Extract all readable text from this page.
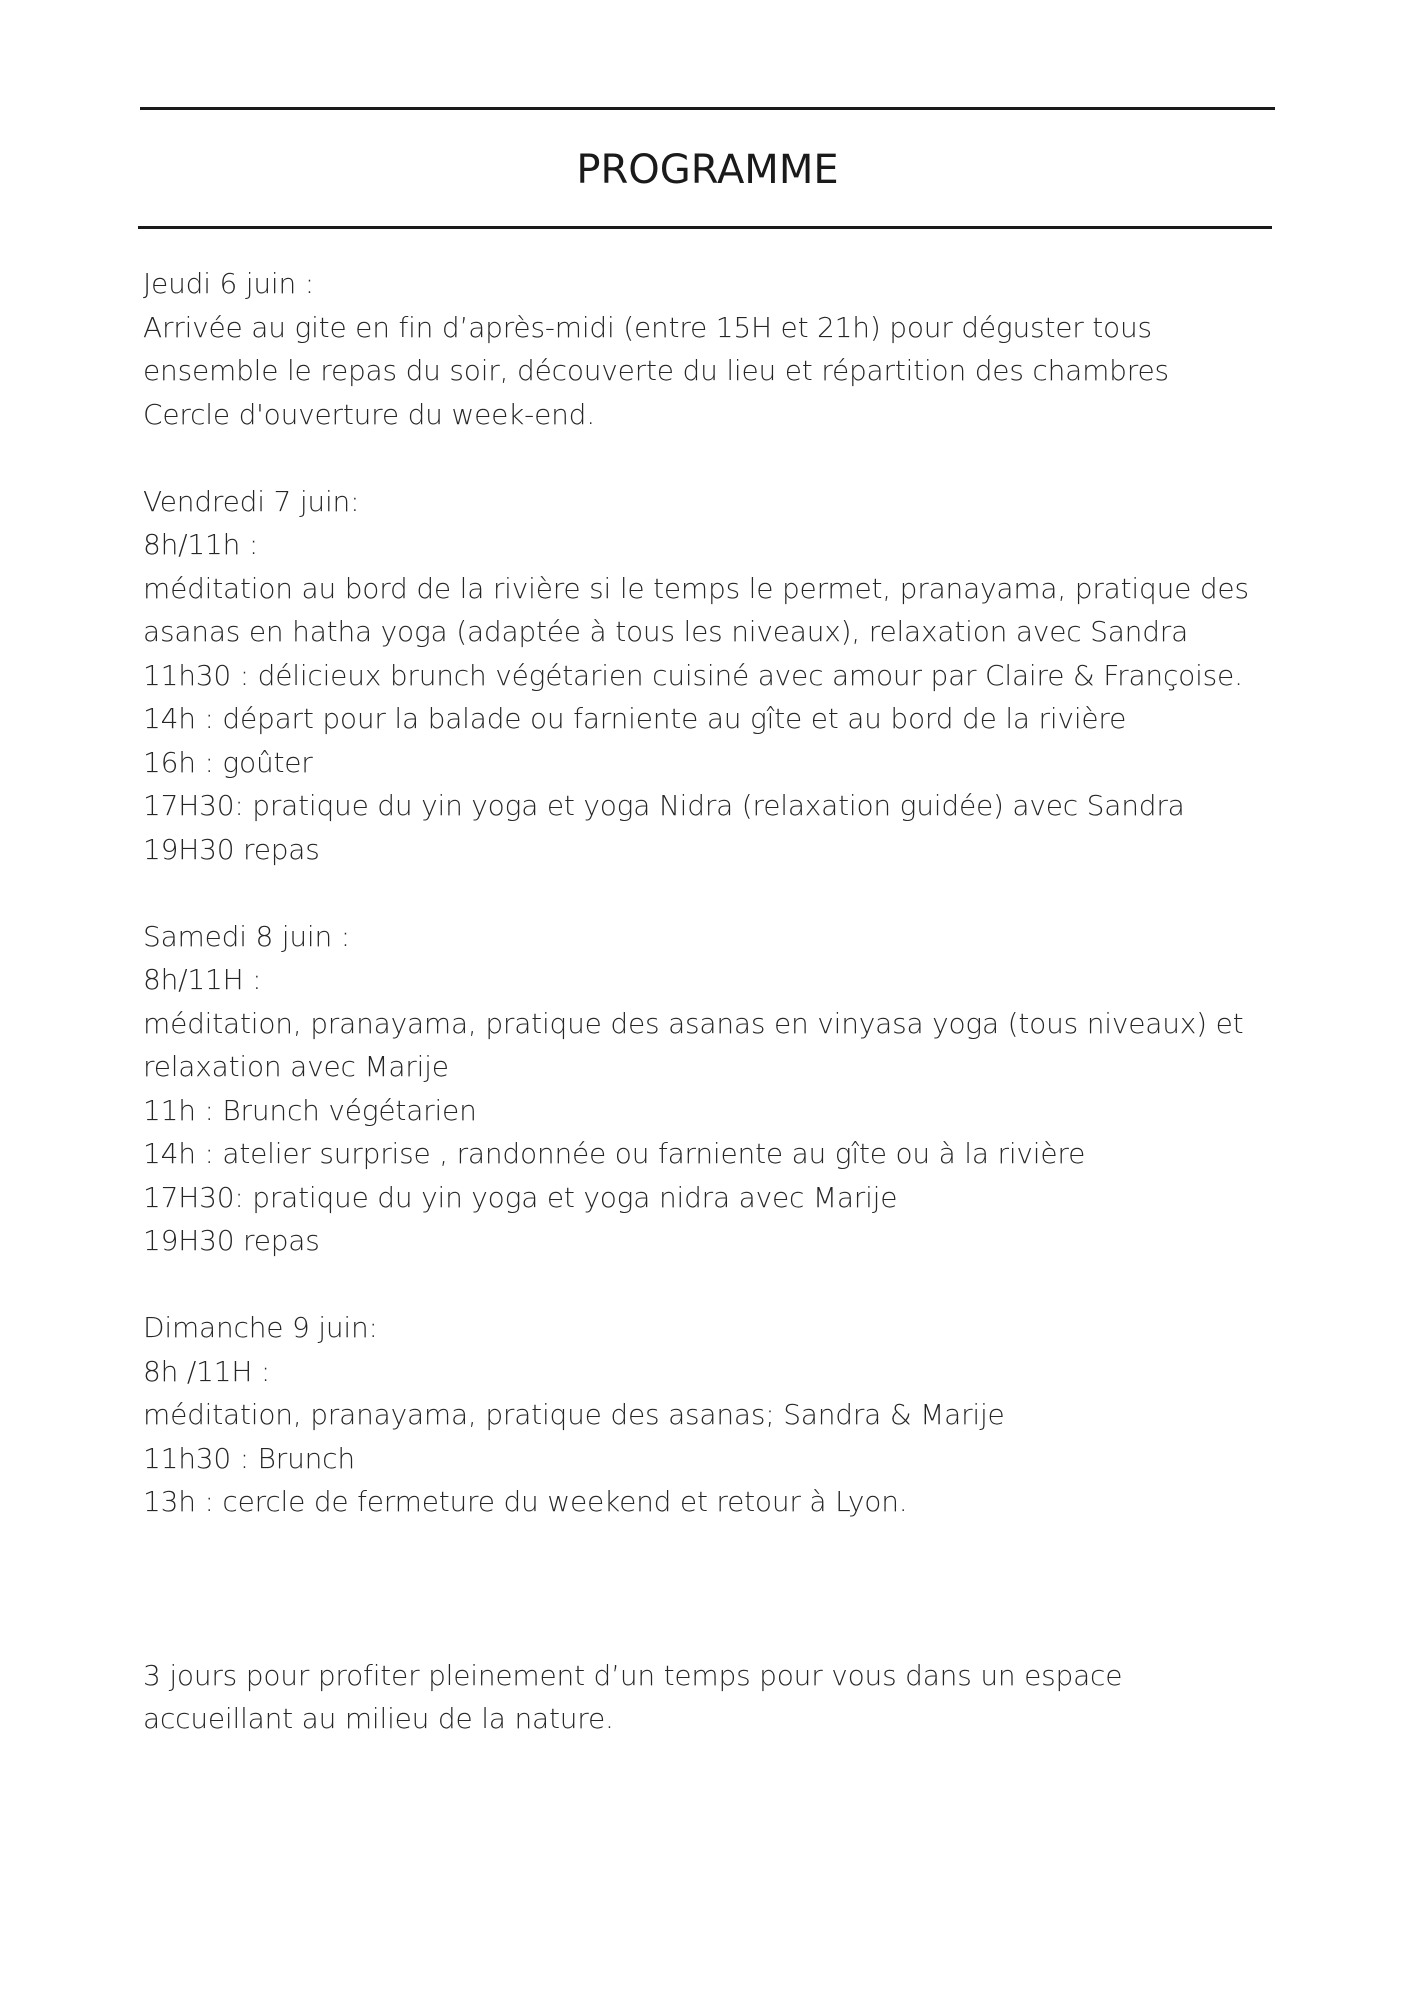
PROGRAMME
Jeudi 6 juin :
Arrivée au gite en fin d’après-midi (entre 15H et 21h) pour déguster tous
ensemble le repas du soir, découverte du lieu et répartition des chambres
Cercle d'ouverture du week-end.
Vendredi 7 juin:
8h/11h :
méditation au bord de la rivière si le temps le permet, pranayama, pratique des
asanas en hatha yoga (adaptée à tous les niveaux), relaxation avec Sandra
11h30 : délicieux brunch végétarien cuisiné avec amour par Claire & Françoise.
14h : départ pour la balade ou farniente au gîte et au bord de la rivière
16h : goûter
17H30: pratique du yin yoga et yoga Nidra (relaxation guidée) avec Sandra
19H30 repas
Samedi 8 juin :
8h/11H :
méditation, pranayama, pratique des asanas en vinyasa yoga (tous niveaux) et
relaxation avec Marije
11h : Brunch végétarien
14h : atelier surprise , randonnée ou farniente au gîte ou à la rivière
17H30: pratique du yin yoga et yoga nidra avec Marije
19H30 repas
Dimanche 9 juin:
8h /11H :
méditation, pranayama, pratique des asanas; Sandra & Marije
11h30 : Brunch
13h : cercle de fermeture du weekend et retour à Lyon.
3 jours pour profiter pleinement d’un temps pour vous dans un espace
accueillant au milieu de la nature.
